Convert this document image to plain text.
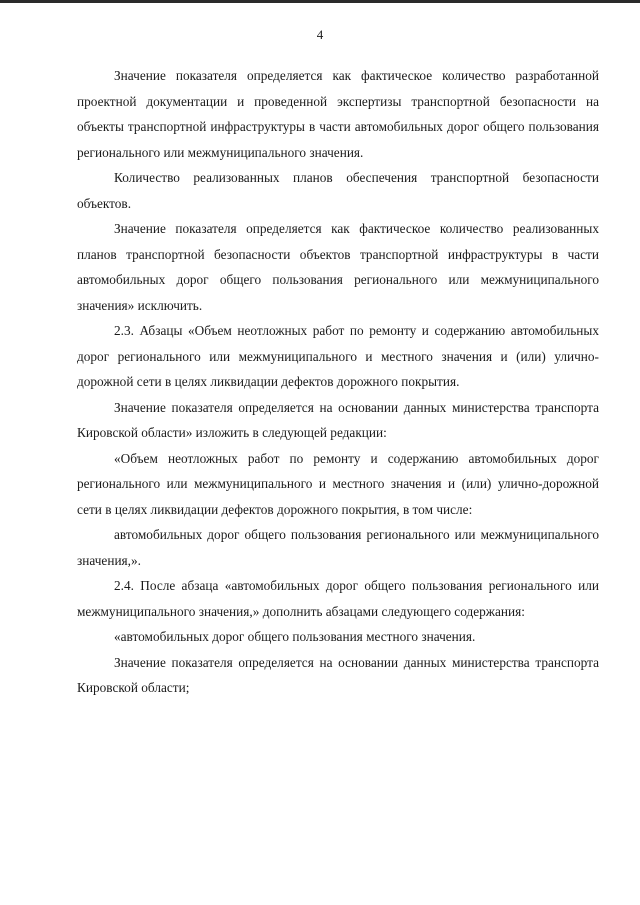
4

Значение показателя определяется как фактическое количество разработанной проектной документации и проведенной экспертизы транспортной безопасности на объекты транспортной инфраструктуры в части автомобильных дорог общего пользования регионального или межмуниципального значения.

Количество реализованных планов обеспечения транспортной безопасности объектов.

Значение показателя определяется как фактическое количество реализованных планов транспортной безопасности объектов транспортной инфраструктуры в части автомобильных дорог общего пользования регионального или межмуниципального значения» исключить.

2.3. Абзацы «Объем неотложных работ по ремонту и содержанию автомобильных дорог регионального или межмуниципального и местного значения и (или) улично-дорожной сети в целях ликвидации дефектов дорожного покрытия.

Значение показателя определяется на основании данных министерства транспорта Кировской области» изложить в следующей редакции:

«Объем неотложных работ по ремонту и содержанию автомобильных дорог регионального или межмуниципального и местного значения и (или) улично-дорожной сети в целях ликвидации дефектов дорожного покрытия, в том числе:

автомобильных дорог общего пользования регионального или межмуниципального значения,».

2.4. После абзаца «автомобильных дорог общего пользования регионального или межмуниципального значения,» дополнить абзацами следующего содержания:

«автомобильных дорог общего пользования местного значения.

Значение показателя определяется на основании данных министерства транспорта Кировской области;
